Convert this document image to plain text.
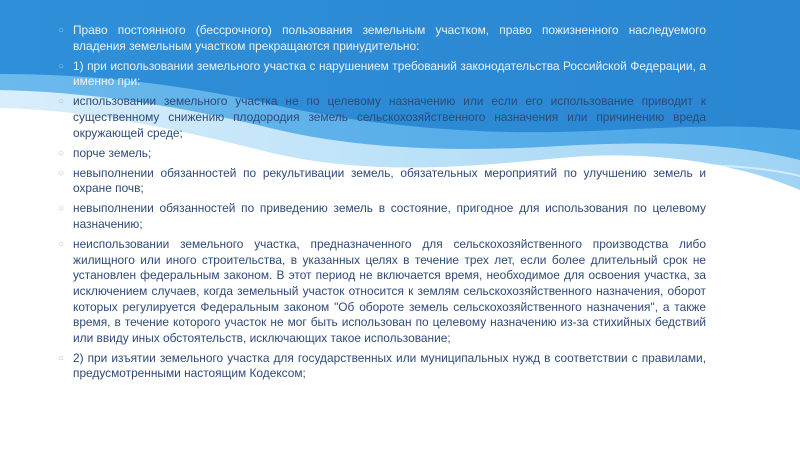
○ Право постоянного (бессрочного) пользования земельным участком, право пожизненного наследуемого владения земельным участком прекращаются принудительно:
○ 1) при использовании земельного участка с нарушением требований законодательства Российской Федерации, а именно при:
○ использовании земельного участка не по целевому назначению или если его использование приводит к существенному снижению плодородия земель сельскохозяйственного назначения или причинению вреда окружающей среде;
○ порче земель;
○ невыполнении обязанностей по рекультивации земель, обязательных мероприятий по улучшению земель и охране почв;
○ невыполнении обязанностей по приведению земель в состояние, пригодное для использования по целевому назначению;
○ неиспользовании земельного участка, предназначенного для сельскохозяйственного производства либо жилищного или иного строительства, в указанных целях в течение трех лет, если более длительный срок не установлен федеральным законом. В этот период не включается время, необходимое для освоения участка, за исключением случаев, когда земельный участок относится к землям сельскохозяйственного назначения, оборот которых регулируется Федеральным законом "Об обороте земель сельскохозяйственного назначения", а также время, в течение которого участок не мог быть использован по целевому назначению из-за стихийных бедствий или ввиду иных обстоятельств, исключающих такое использование;
○ 2) при изъятии земельного участка для государственных или муниципальных нужд в соответствии с правилами, предусмотренными настоящим Кодексом;
